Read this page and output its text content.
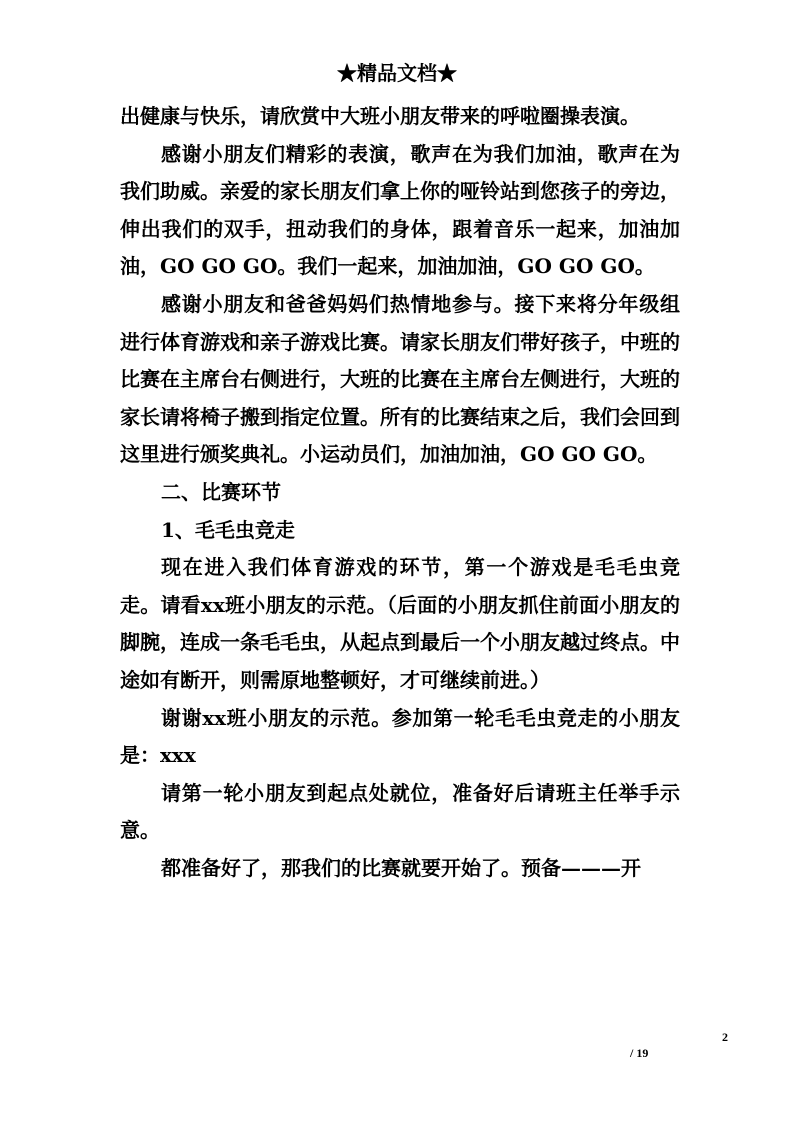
★精品文档★

出健康与快乐，请欣赏中大班小朋友带来的呼啦圈操表演。

感谢小朋友们精彩的表演，歌声在为我们加油，歌声在为我们助威。亲爱的家长朋友们拿上你的哑铃站到您孩子的旁边，伸出我们的双手，扭动我们的身体，跟着音乐一起来，加油加油，GO GO GO。我们一起来，加油加油，GO GO GO。

感谢小朋友和爸爸妈妈们热情地参与。接下来将分年级组进行体育游戏和亲子游戏比赛。请家长朋友们带好孩子，中班的比赛在主席台右侧进行，大班的比赛在主席台左侧进行，大班的家长请将椅子搬到指定位置。所有的比赛结束之后，我们会回到这里进行颁奖典礼。小运动员们，加油加油，GO GO GO。

二、比赛环节

1、毛毛虫竞走

现在进入我们体育游戏的环节，第一个游戏是毛毛虫竞走。请看xx班小朋友的示范。（后面的小朋友抓住前面小朋友的脚腕，连成一条毛毛虫，从起点到最后一个小朋友越过终点。中途如有断开，则需原地整顿好，才可继续前进。）

谢谢xx班小朋友的示范。参加第一轮毛毛虫竞走的小朋友是：xxx

请第一轮小朋友到起点处就位，准备好后请班主任举手示意。

都准备好了，那我们的比赛就要开始了。预备———开

2
/ 19
